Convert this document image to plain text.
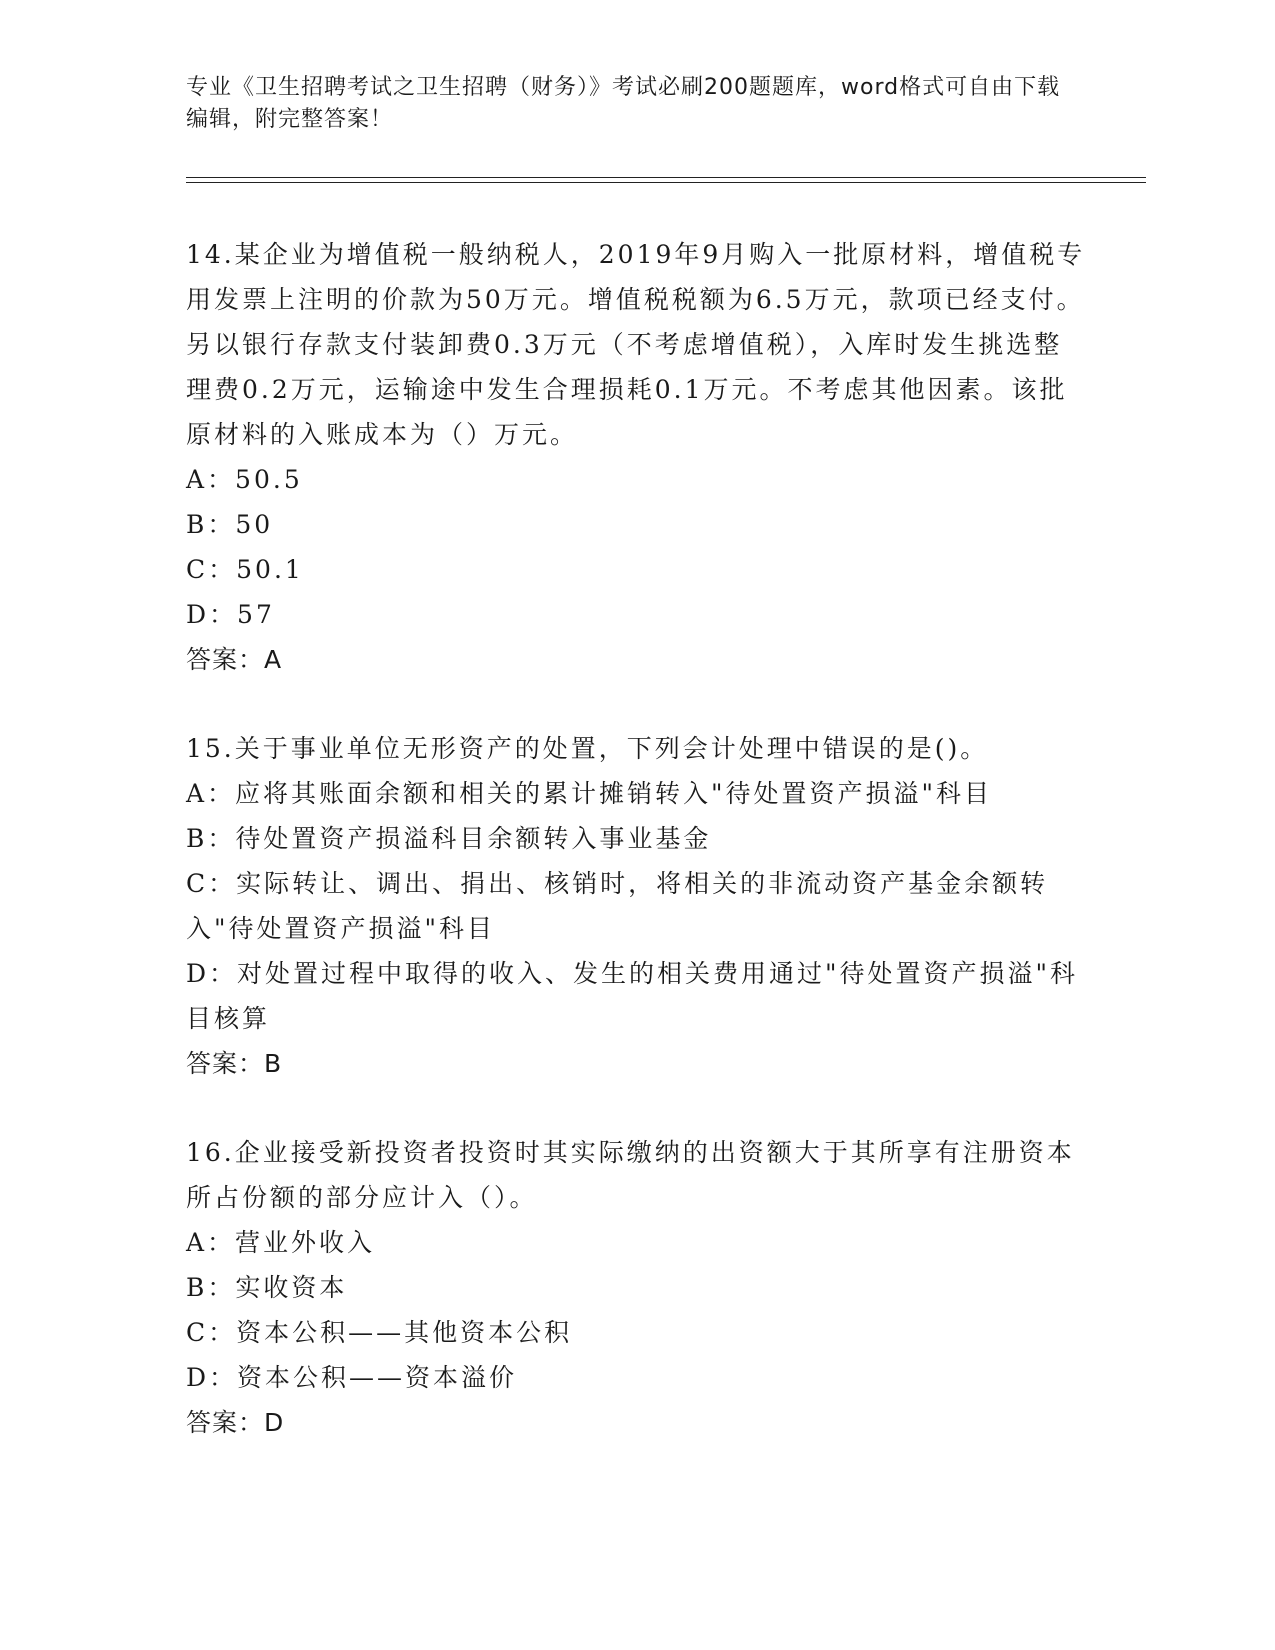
专业《卫生招聘考试之卫生招聘（财务）》考试必刷200题题库，word格式可自由下载编辑，附完整答案！

14.某企业为增值税一般纳税人，2019年9月购入一批原材料，增值税专用发票上注明的价款为50万元。增值税税额为6.5万元，款项已经支付。另以银行存款支付装卸费0.3万元（不考虑增值税），入库时发生挑选整理费0.2万元，运输途中发生合理损耗0.1万元。不考虑其他因素。该批原材料的入账成本为（）万元。

A：50.5

B：50

C：50.1

D：57

答案：A

15.关于事业单位无形资产的处置，下列会计处理中错误的是()。

A：应将其账面余额和相关的累计摊销转入"待处置资产损溢"科目

B：待处置资产损溢科目余额转入事业基金

C：实际转让、调出、捐出、核销时，将相关的非流动资产基金余额转入"待处置资产损溢"科目

D：对处置过程中取得的收入、发生的相关费用通过"待处置资产损溢"科目核算

答案：B

16.企业接受新投资者投资时其实际缴纳的出资额大于其所享有注册资本所占份额的部分应计入（）。

A：营业外收入

B：实收资本

C：资本公积——其他资本公积

D：资本公积——资本溢价

答案：D
